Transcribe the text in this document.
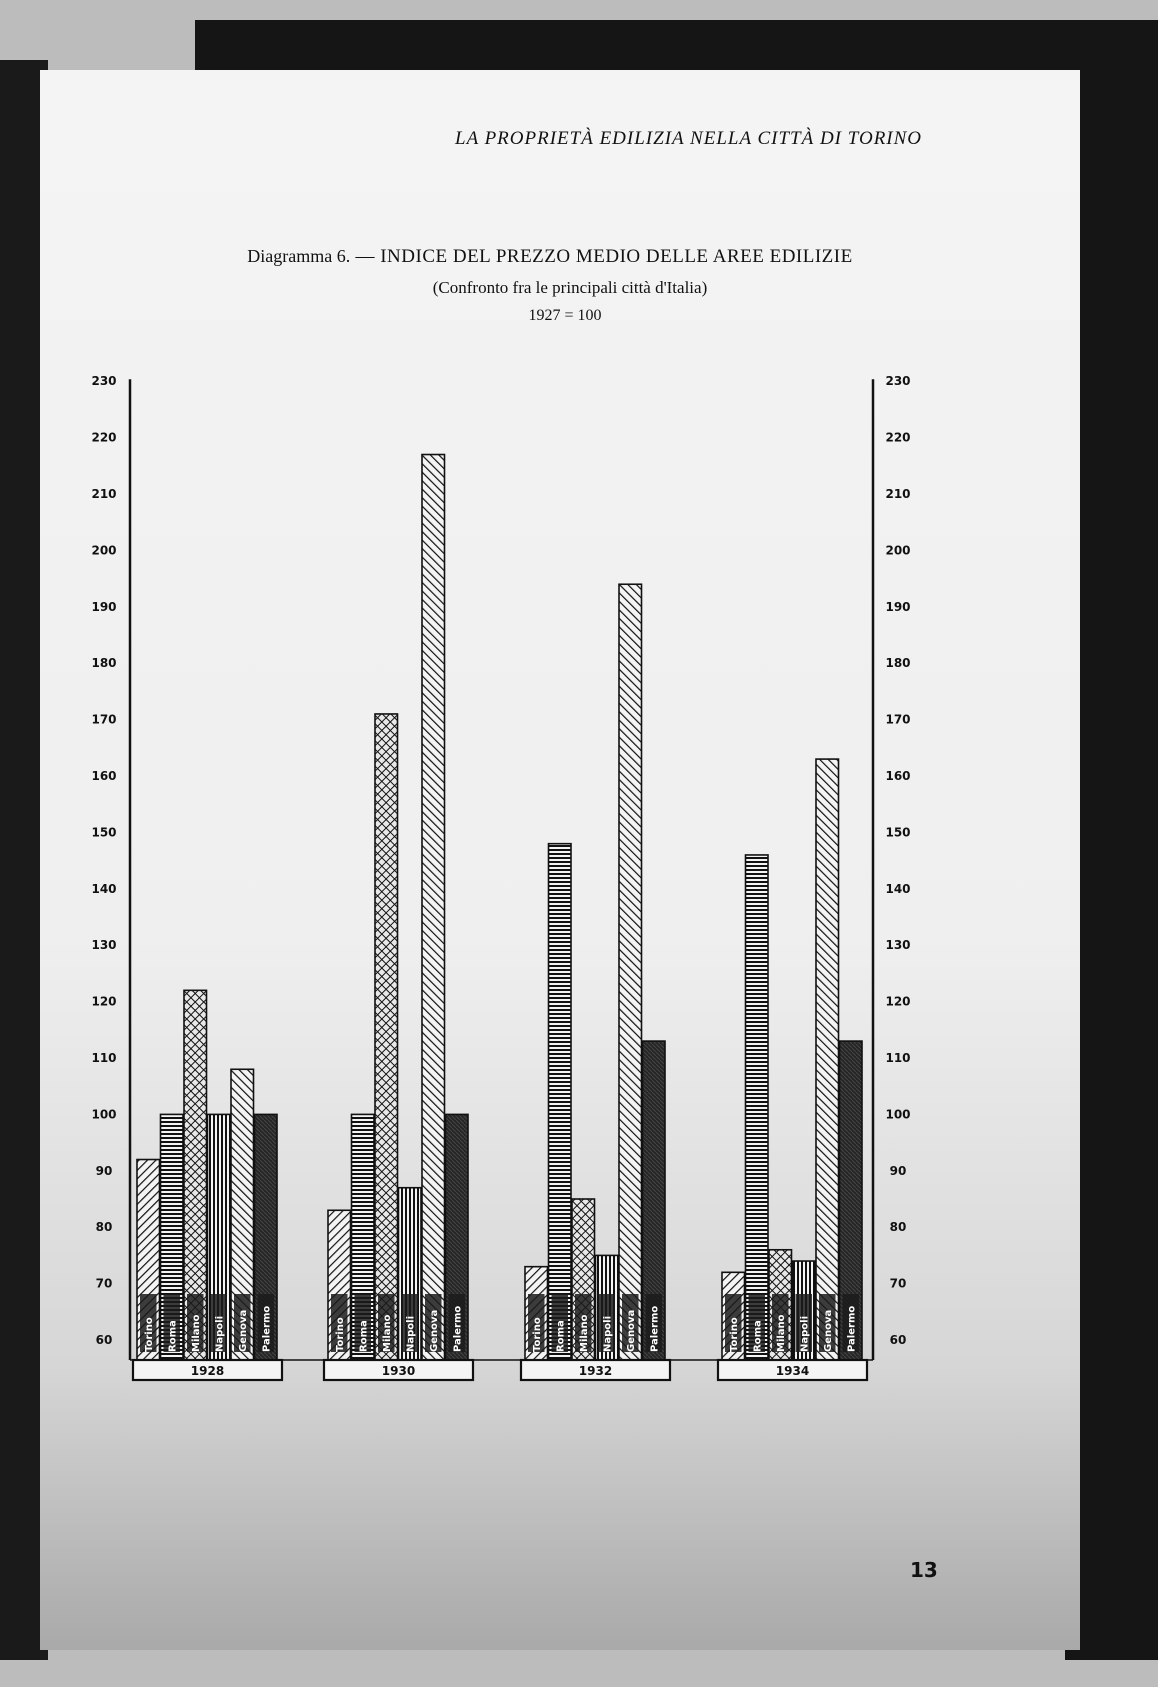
LA PROPRIETÀ EDILIZIA NELLA CITTÀ DI TORINO
Diagramma 6. — INDICE DEL PREZZO MEDIO DELLE AREE EDILIZIE
(Confronto fra le principali città d'Italia)
1927 = 100
60	60
70	70
80	80
90	90
100	100
110	110
120	120
130	130
140	140
150	150
160	160
170	170
180	180
190	190
200	200
210	210
220	220
230	230
Torino Roma Milano Napoli Genova Palermo	Torino Roma Milano Napoli Genova Palermo	Torino Roma Milano Napoli Genova Palermo	Torino Roma Milano Napoli Genova Palermo
1928	1930	1932	1934
13
